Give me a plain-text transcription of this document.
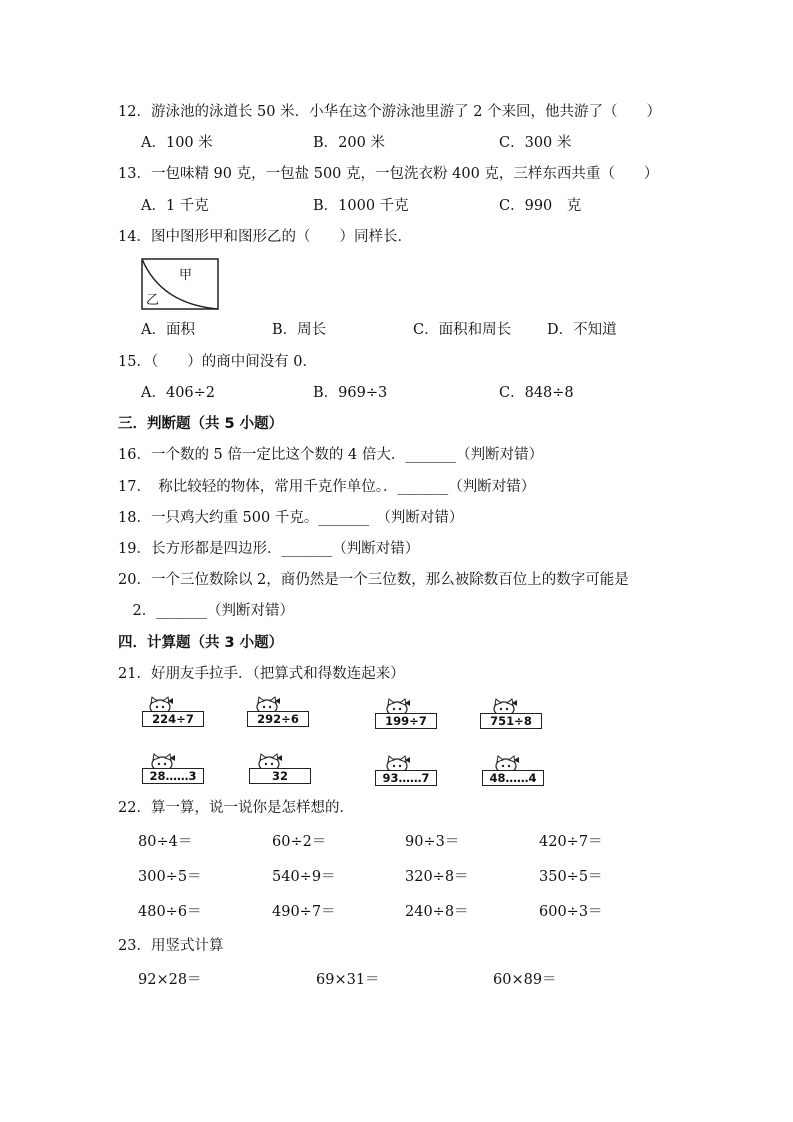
12．游泳池的泳道长 50 米．小华在这个游泳池里游了 2 个来回，他共游了（　　）
A．100 米	B．200 米	C．300 米
13．一包味精 90 克，一包盐 500 克，一包洗衣粉 400 克，三样东西共重（　　）
A．1 千克	B．1000 千克	C．990　克
14．图中图形甲和图形乙的（　　）同样长．
甲
乙
A．面积	B．周长	C．面积和周长 D．不知道
15．（　　）的商中间没有 0．
A．406÷2	B．969÷3	C．848÷8
三．判断题（共 5 小题）
16．一个数的 5 倍一定比这个数的 4 倍大．_______（判断对错）
17．　称比较轻的物体，常用千克作单位。．_______（判断对错）
18．一只鸡大约重 500 千克。_______　（判断对错）
19．长方形都是四边形．_______（判断对错）
20．一个三位数除以 2，商仍然是一个三位数，那么被除数百位上的数字可能是
　2．_______（判断对错）
四．计算题（共 3 小题）
21．好朋友手拉手．（把算式和得数连起来）
224÷7	292÷6	199÷7	751÷8
28……3	32	93……7	48……4
22．算一算，说一说你是怎样想的．
80÷4＝	60÷2＝	90÷3＝	420÷7＝
300÷5＝	540÷9＝	320÷8＝	350÷5＝
480÷6＝	490÷7＝	240÷8＝	600÷3＝
23．用竖式计算
92×28＝	69×31＝	60×89＝
